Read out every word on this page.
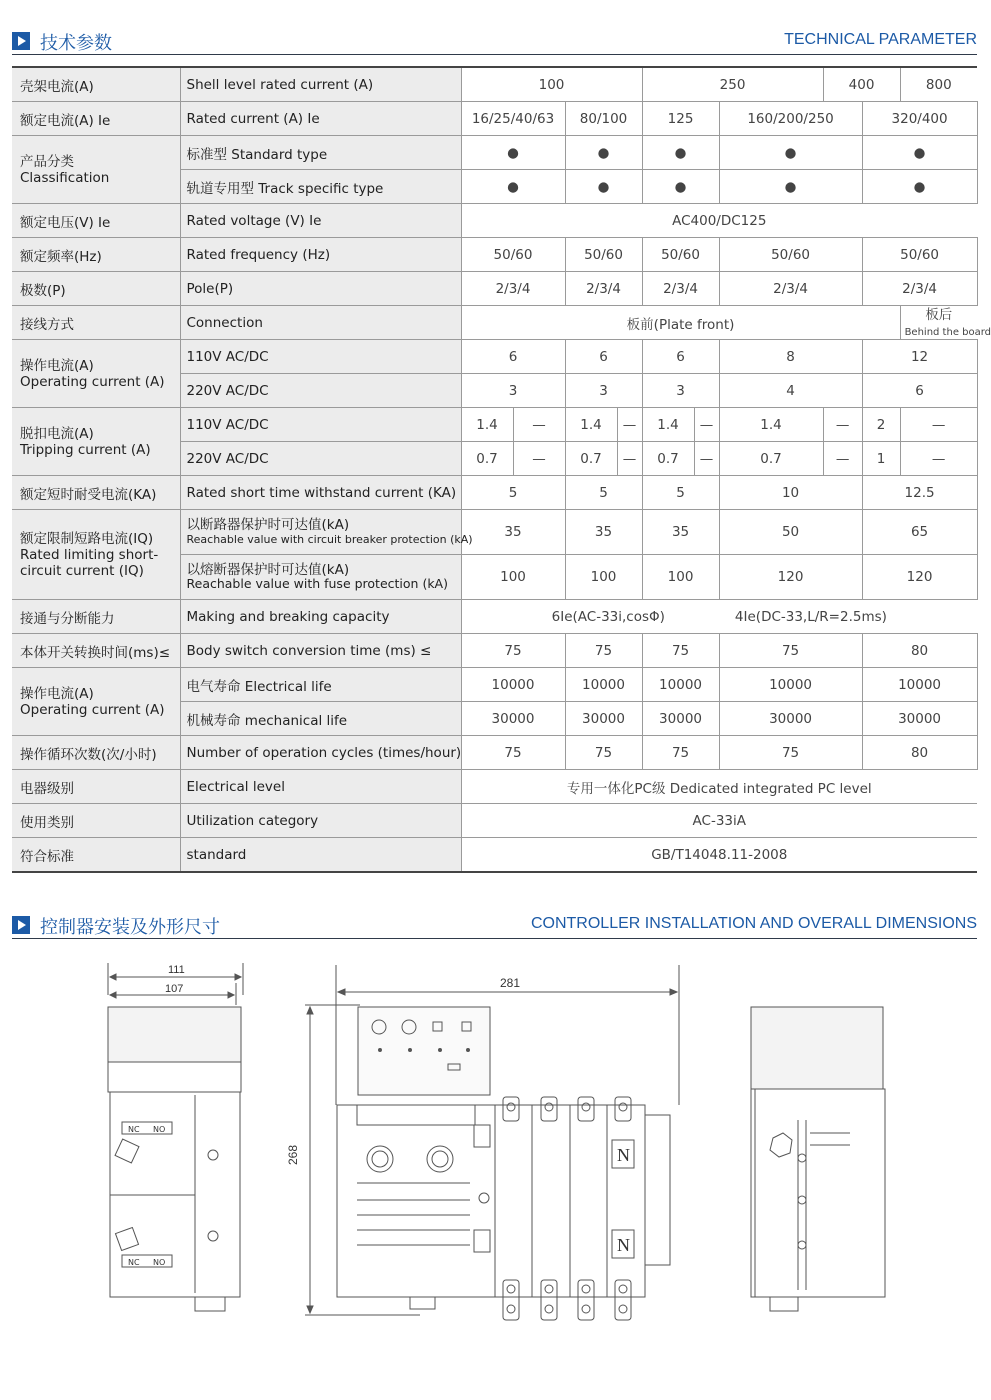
技术参数	TECHNICAL PARAMETER
壳架电流(A)	Shell level rated current (A)	100				250			400		800	
额定电流(A) Ie	Rated current (A) Ie	16/25/40/63		80/100		125		160/200/250		320/400	
产品分类
Classification	标准型 Standard type	●		●		●		●		●	
	轨道专用型 Track specific type	●		●		●		●		●	
额定电压(V) Ie	Rated voltage (V) Ie	AC400/DC125										
额定频率(Hz)	Rated frequency (Hz)	50/60		50/60		50/60		50/60		50/60	
极数(P)	Pole(P)	2/3/4		2/3/4		2/3/4		2/3/4		2/3/4	
接线方式	Connection	板前(Plate front)									板后
Behind the board	
操作电流(A)
Operating current (A)	110V AC/DC	6		6		6		8		12	
	220V AC/DC	3		3		3		4		6	
脱扣电流(A)
Tripping current (A)	110V AC/DC	1.4	—	1.4	—	1.4	—	1.4	—	2	—	
	220V AC/DC	0.7	—	0.7	—	0.7	—	0.7	—	1	—	
额定短时耐受电流(KA)	Rated short time withstand current (KA)	5		5		5		10		12.5	
额定限制短路电流(IQ)
Rated limiting short-
circuit current (IQ)	以断路器保护时可达值(kA)
Reachable value with circuit breaker protection (kA)	35		35		35		50		65	
	以熔断器保护时可达值(kA)
Reachable value with fuse protection (kA)	100		100		100		120		120	
接通与分断能力	Making and breaking capacity	6Ie(AC-33i,cosΦ) 4Ie(DC-33,L/R=2.5ms)										
本体开关转换时间(ms)≤	Body switch conversion time (ms) ≤	75		75		75		75		80	
操作电流(A)
Operating current (A)	电气寿命 Electrical life	10000		10000		10000		10000		10000	
	机械寿命 mechanical life	30000		30000		30000		30000		30000	
操作循环次数(次/小时)	Number of operation cycles (times/hour)	75		75		75		75		80	
电器级别	Electrical level	专用一体化PC级 Dedicated integrated PC level										
使用类别	Utilization category	AC-33iA										
符合标准	standard	GB/T14048.11-2008										
控制器安装及外形尺寸	CONTROLLER INSTALLATION AND OVERALL DIMENSIONS
111
107
NC NO
NC NO
281
268	N
N
